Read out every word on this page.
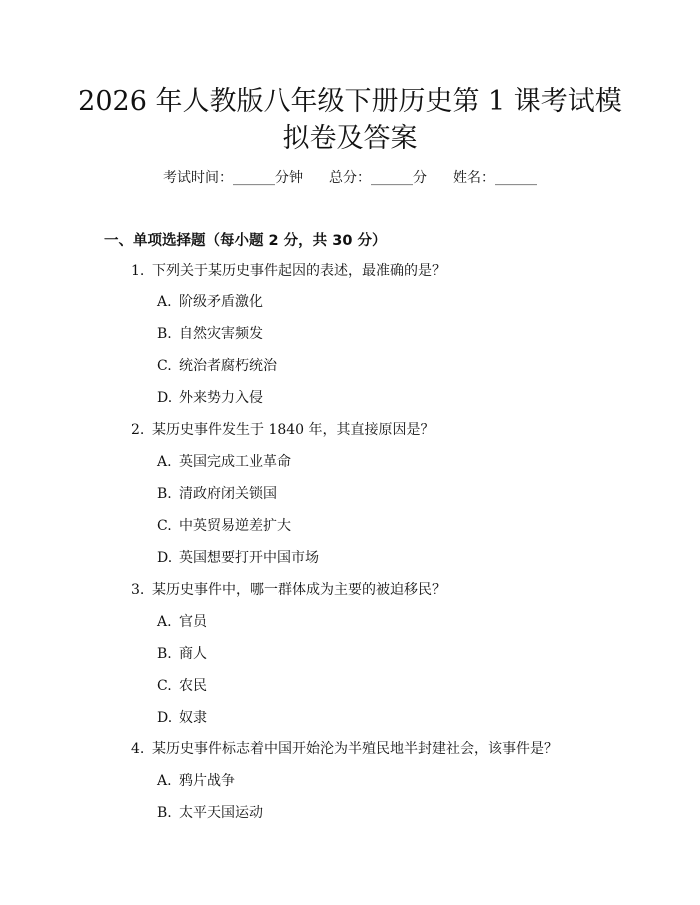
2026 年人教版八年级下册历史第 1 课考试模
拟卷及答案
考试时间：______分钟 总分：______分 姓名：______
一、单项选择题（每小题 2 分，共 30 分）
1. 下列关于某历史事件起因的表述，最准确的是？
A. 阶级矛盾激化
B. 自然灾害频发
C. 统治者腐朽统治
D. 外来势力入侵
2. 某历史事件发生于 1840 年，其直接原因是？
A. 英国完成工业革命
B. 清政府闭关锁国
C. 中英贸易逆差扩大
D. 英国想要打开中国市场
3. 某历史事件中，哪一群体成为主要的被迫移民？
A. 官员
B. 商人
C. 农民
D. 奴隶
4. 某历史事件标志着中国开始沦为半殖民地半封建社会，该事件是？
A. 鸦片战争
B. 太平天国运动
